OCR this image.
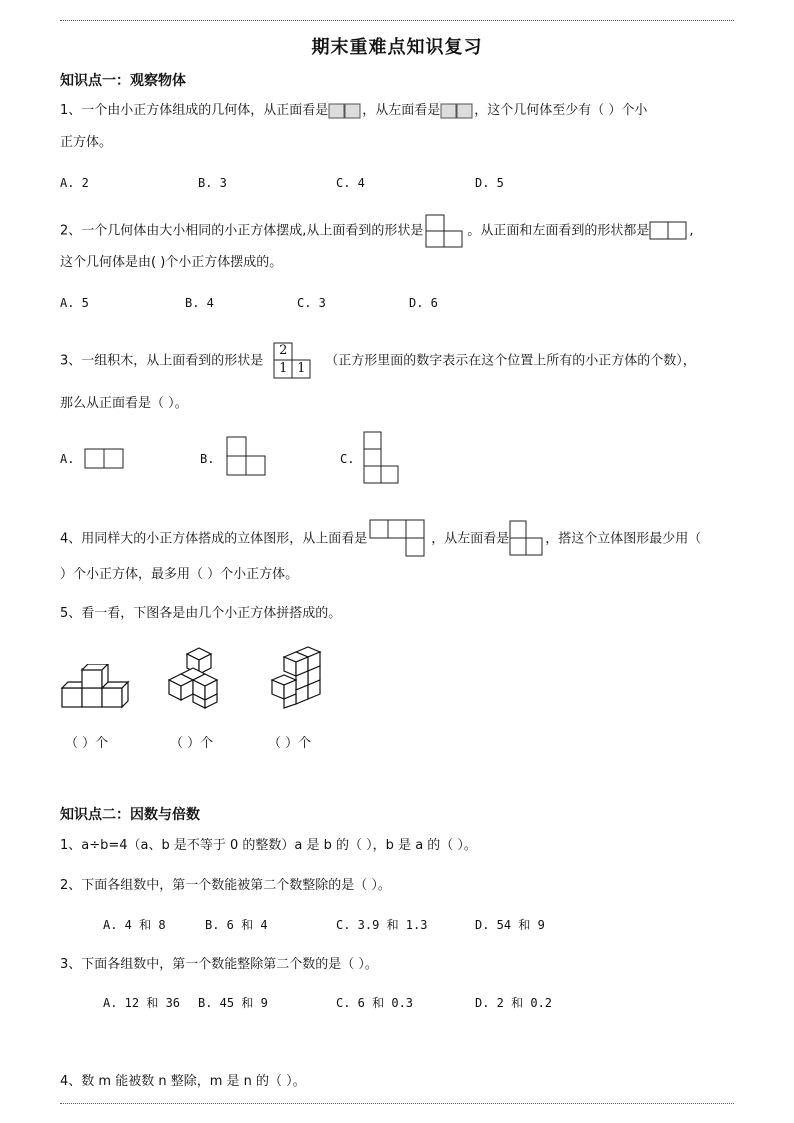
期末重难点知识复习
知识点一：观察物体
1、一个由小正方体组成的几何体，从正面看是	，从左面看是	，这个几何体至少有（ ）个小
正方体。
A. 2	B. 3	C. 4	D. 5
2、一个几何体由大小相同的小正方体摆成,从上面看到的形状是	。从正面和左面看到的形状都是	,
这个几何体是由( )个小正方体摆成的。
A. 5	B. 4	C. 3	D. 6
3、一组积木，从上面看到的形状是
2
1 1	（正方形里面的数字表示在这个位置上所有的小正方体的个数），
那么从正面看是（ ）。
A.	B.	C.
4、用同样大的小正方体搭成的立体图形，从上面看是	，从左面看是	，搭这个立体图形最少用（
）个小正方体，最多用（ ）个小正方体。
5、看一看，下图各是由几个小正方体拼搭成的。
（ ）个	（ ）个	（ ）个
知识点二：因数与倍数
1、a÷b=4（a、b 是不等于 0 的整数）a 是 b 的（ ），b 是 a 的（ ）。
2、下面各组数中，第一个数能被第二个数整除的是（ ）。
A. 4 和 8	B. 6 和 4	C. 3.9 和 1.3	D. 54 和 9
3、下面各组数中，第一个数能整除第二个数的是（ ）。
A. 12 和 36 B. 45 和 9	C. 6 和 0.3	D. 2 和 0.2
4、数 m 能被数 n 整除，m 是 n 的（ ）。
